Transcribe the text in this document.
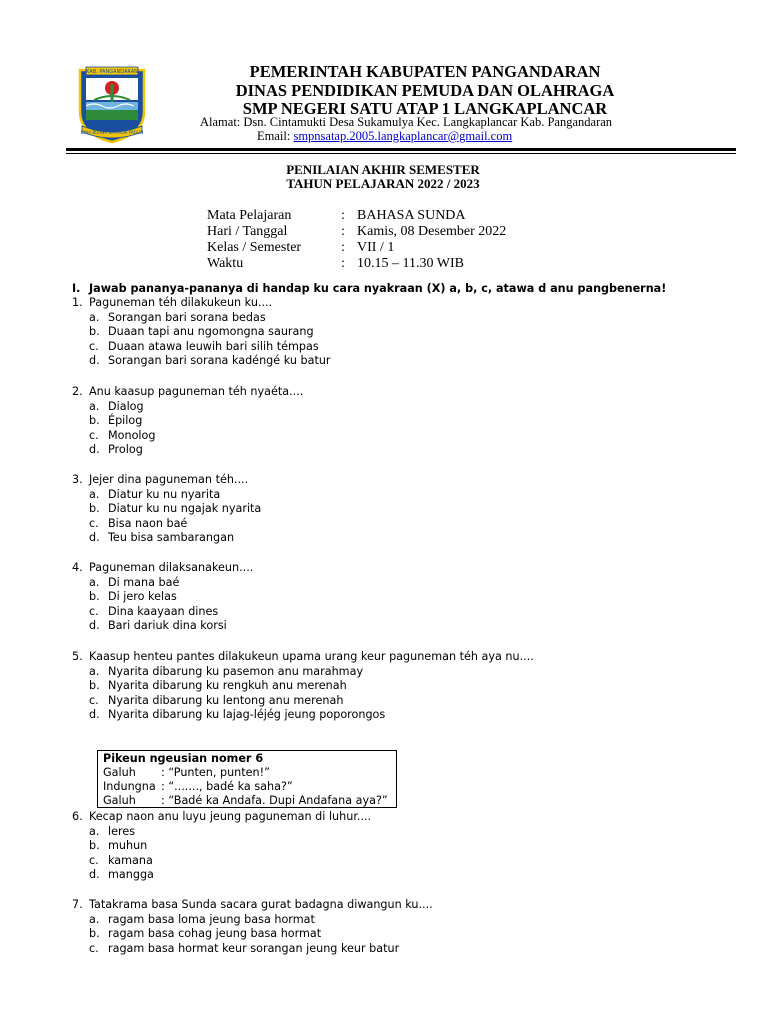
KAB. PANGANDARAN
DINA BUANA BAHAGIA PAGUN
PEMERINTAH KABUPATEN PANGANDARAN
DINAS PENDIDIKAN PEMUDA DAN OLAHRAGA
SMP NEGERI SATU ATAP 1 LANGKAPLANCAR
Alamat: Dsn. Cintamukti Desa Sukamulya Kec. Langkaplancar Kab. Pangandaran
Email: smpnsatap.2005.langkaplancar@gmail.com
PENILAIAN AKHIR SEMESTER
TAHUN PELAJARAN 2022 / 2023
Mata Pelajaran	: BAHASA SUNDA
Hari / Tanggal	: Kamis, 08 Desember 2022
Kelas / Semester	: VII / 1
Waktu	: 10.15 – 11.30 WIB
I. Jawab pananya-pananya di handap ku cara nyakraan (X) a, b, c, atawa d anu pangbenerna!
1. Paguneman téh dilakukeun ku....
a. Sorangan bari sorana bedas
b. Duaan tapi anu ngomongna saurang
c. Duaan atawa leuwih bari silih témpas
d. Sorangan bari sorana kadéngé ku batur
2. Anu kaasup paguneman téh nyaéta....
a. Dialog
b. Épilog
c. Monolog
d. Prolog
3. Jejer dina paguneman téh....
a. Diatur ku nu nyarita
b. Diatur ku nu ngajak nyarita
c. Bisa naon baé
d. Teu bisa sambarangan
4. Paguneman dilaksanakeun....
a. Di mana baé
b. Di jero kelas
c. Dina kaayaan dines
d. Bari dariuk dina korsi
5. Kaasup henteu pantes dilakukeun upama urang keur paguneman téh aya nu....
a. Nyarita dibarung ku pasemon anu marahmay
b. Nyarita dibarung ku rengkuh anu merenah
c. Nyarita dibarung ku lentong anu merenah
d. Nyarita dibarung ku lajag-léjég jeung poporongos
Pikeun ngeusian nomer 6
Galuh	: “Punten, punten!”
Indungna : “......., badé ka saha?”
Galuh	: “Badé ka Andafa. Dupi Andafana aya?”
6. Kecap naon anu luyu jeung paguneman di luhur....
a. leres
b. muhun
c. kamana
d. mangga
7. Tatakrama basa Sunda sacara gurat badagna diwangun ku....
a. ragam basa loma jeung basa hormat
b. ragam basa cohag jeung basa hormat
c. ragam basa hormat keur sorangan jeung keur batur
